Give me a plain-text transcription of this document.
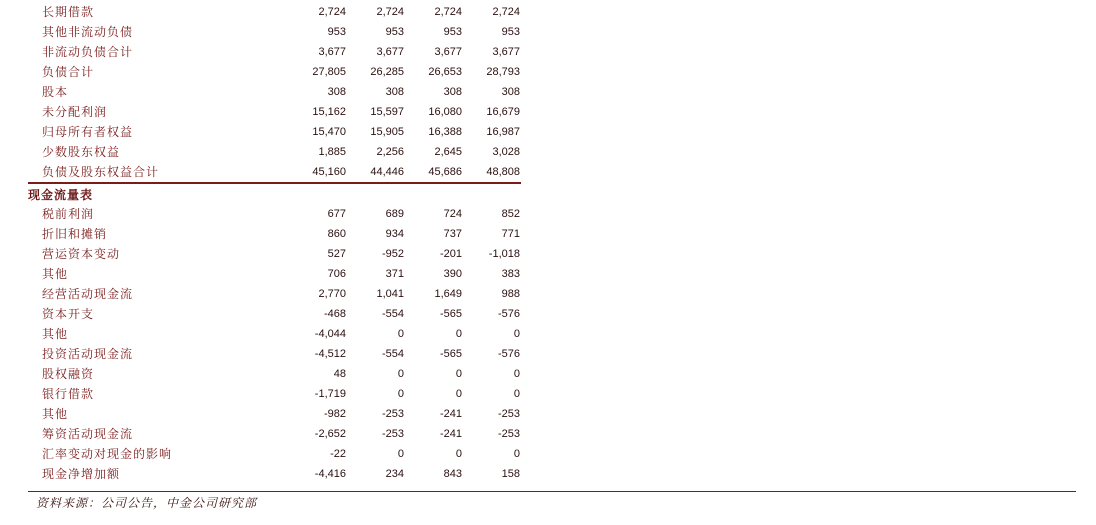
长期借款	2,724	2,724	2,724	2,724
其他非流动负债	953	953	953	953
非流动负债合计	3,677	3,677	3,677	3,677
负债合计	27,805	26,285	26,653	28,793
股本	308	308	308	308
未分配利润	15,162	15,597	16,080	16,679
归母所有者权益	15,470	15,905	16,388	16,987
少数股东权益	1,885	2,256	2,645	3,028
负债及股东权益合计	45,160	44,446	45,686	48,808
现金流量表
税前利润	677	689	724	852
折旧和摊销	860	934	737	771
营运资本变动	527	-952	-201	-1,018
其他	706	371	390	383
经营活动现金流	2,770	1,041	1,649	988
资本开支	-468	-554	-565	-576
其他	-4,044	0	0	0
投资活动现金流	-4,512	-554	-565	-576
股权融资	48	0	0	0
银行借款	-1,719	0	0	0
其他	-982	-253	-241	-253
筹资活动现金流	-2,652	-253	-241	-253
汇率变动对现金的影响	-22	0	0	0
现金净增加额	-4,416	234	843	158
资料来源：公司公告，中金公司研究部
